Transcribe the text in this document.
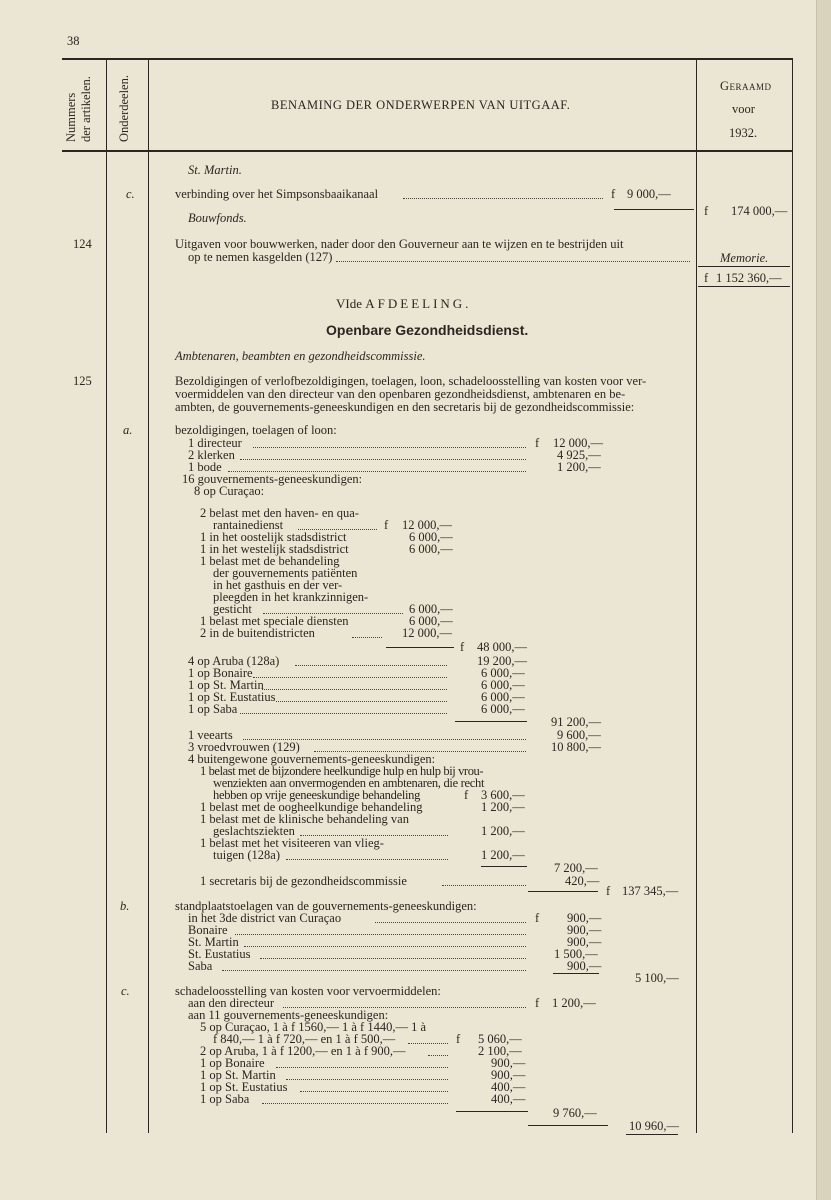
38
Nummers der artikelen. Onderdeelen.	BENAMING DER ONDERWERPEN VAN UITGAAF.
Geraamd
voor
1932.
St. Martin.
c.	verbinding over het Simpsonsbaaikanaal	f 9 000,—
Bouwfonds.	f 174 000,—
124	Uitgaven voor bouwwerken, nader door den Gouverneur aan te wijzen en te bestrijden uit
op te nemen kasgelden (127)	Memorie.
f 1 152 360,—
VIde AFDEELING.
Openbare Gezondheidsdienst.
Ambtenaren, beambten en gezondheidscommissie.
125	Bezoldigingen of verlofbezoldigingen, toelagen, loon, schadeloosstelling van kosten voor ver-
voermiddelen van den directeur van den openbaren gezondheidsdienst, ambtenaren en be-
ambten, de gouvernements-geneeskundigen en den secretaris bij de gezondheidscommissie:
a.	bezoldigingen, toelagen of loon:
1 directeur	f 12 000,—
2 klerken	4 925,—
1 bode	1 200,—
16 gouvernements-geneeskundigen:
8 op Curaçao:
2 belast met den haven- en qua-
rantainedienst	f 12 000,—
1 in het oostelijk stadsdistrict	6 000,—
1 in het westelijk stadsdistrict	6 000,—
1 belast met de behandeling
der gouvernements patiënten
in het gasthuis en der ver-
pleegden in het krankzinnigen-
gesticht	6 000,—
1 belast met speciale diensten	6 000,—
2 in de buitendistricten	12 000,—
f 48 000,—
4 op Aruba (128a)	19 200,—
1 op Bonaire	6 000,—
1 op St. Martin	6 000,—
1 op St. Eustatius	6 000,—
1 op Saba	6 000,—
91 200,—
1 veearts	9 600,—
3 vroedvrouwen (129)	10 800,—
4 buitengewone gouvernements-geneeskundigen:
1 belast met de bijzondere heelkundige hulp en hulp bij vrou-
wenziekten aan onvermogenden en ambtenaren, die recht
hebben op vrije geneeskundige behandeling	f 3 600,—
1 belast met de oogheelkundige behandeling	1 200,—
1 belast met de klinische behandeling van
geslachtsziekten	1 200,—
1 belast met het visiteeren van vlieg-
tuigen (128a)	1 200,—
7 200,—
1 secretaris bij de gezondheidscommissie	420,—
f 137 345,—
b.	standplaatstoelagen van de gouvernements-geneeskundigen:
in het 3de district van Curaçao	f 900,—
Bonaire	900,—
St. Martin	900,—
St. Eustatius	1 500,—
Saba	900,—
5 100,—
c.	schadeloosstelling van kosten voor vervoermiddelen:
aan den directeur	f 1 200,—
aan 11 gouvernements-geneeskundigen:
5 op Curaçao, 1 à f 1560,— 1 à f 1440,— 1 à
f 840,— 1 à f 720,— en 1 à f 500,—	f 5 060,—
2 op Aruba, 1 à f 1200,— en 1 à f 900,—	2 100,—
1 op Bonaire	900,—
1 op St. Martin	900,—
1 op St. Eustatius	400,—
1 op Saba	400,—
9 760,—
10 960,—
